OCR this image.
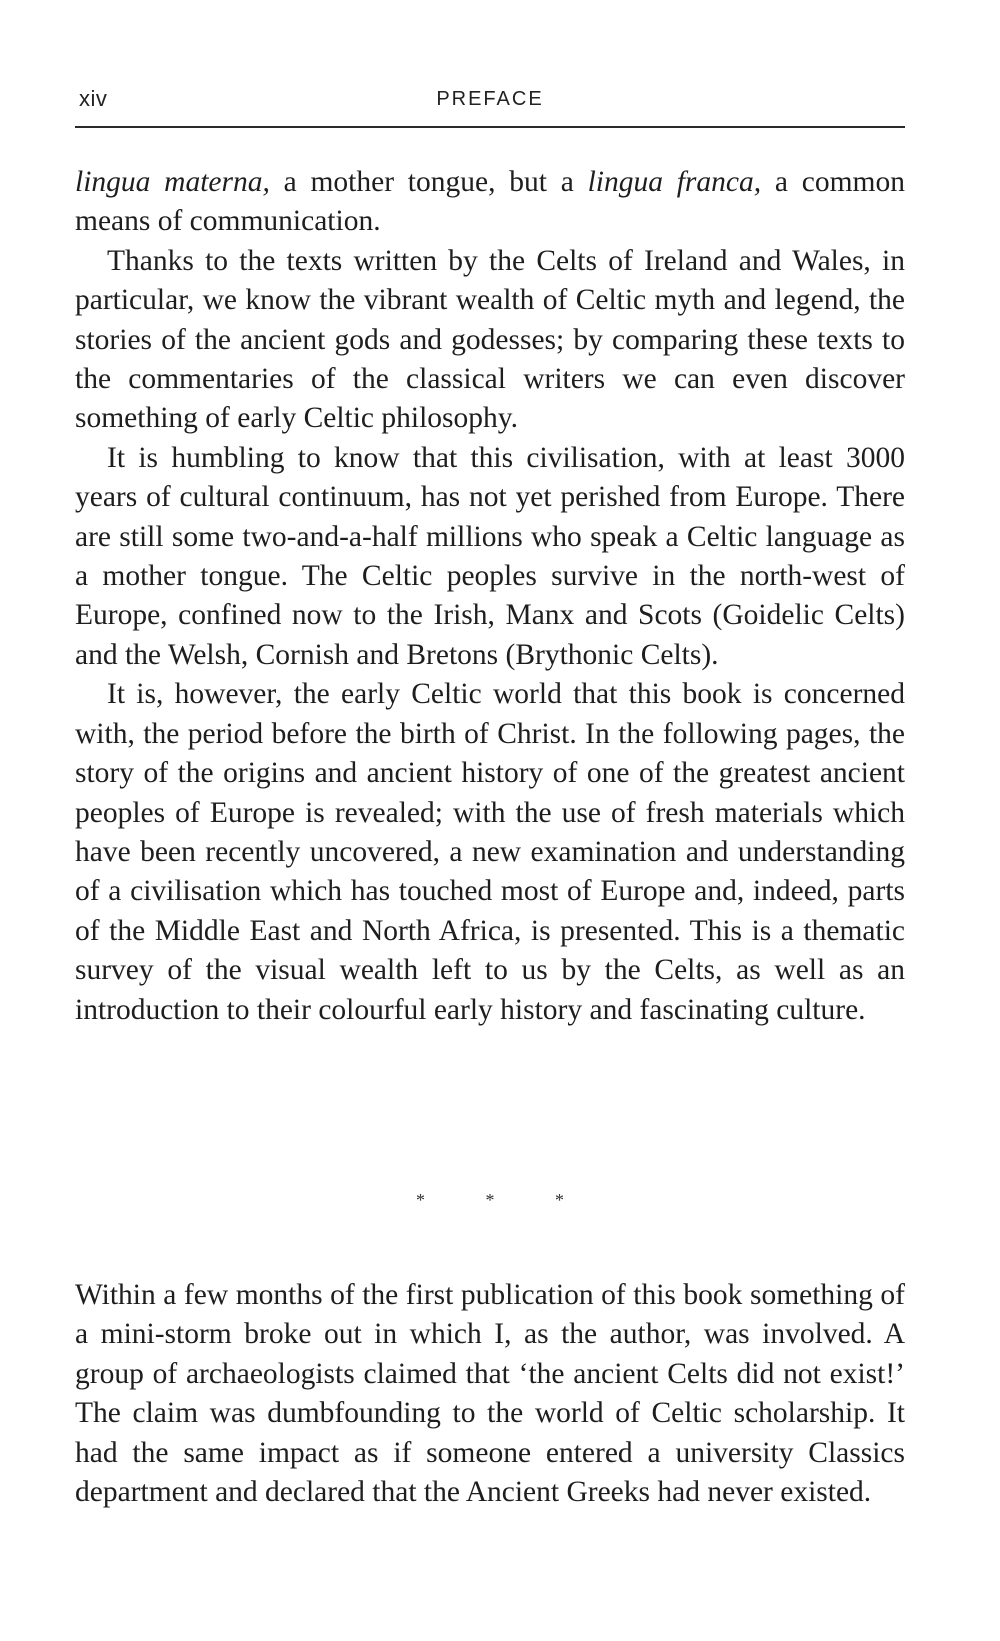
xiv	PREFACE

lingua materna, a mother tongue, but a lingua franca, a common means of communication.

Thanks to the texts written by the Celts of Ireland and Wales, in particular, we know the vibrant wealth of Celtic myth and legend, the stories of the ancient gods and godesses; by comparing these texts to the commentaries of the classical writers we can even discover something of early Celtic philosophy.

It is humbling to know that this civilisation, with at least 3000 years of cultural continuum, has not yet perished from Europe. There are still some two-and-a-half millions who speak a Celtic language as a mother tongue. The Celtic peoples survive in the north-west of Europe, confined now to the Irish, Manx and Scots (Goidelic Celts) and the Welsh, Cornish and Bretons (Brythonic Celts).

It is, however, the early Celtic world that this book is concerned with, the period before the birth of Christ. In the following pages, the story of the origins and ancient history of one of the greatest ancient peoples of Europe is revealed; with the use of fresh materials which have been recently uncovered, a new examination and understanding of a civilisation which has touched most of Europe and, indeed, parts of the Middle East and North Africa, is presented. This is a thematic survey of the visual wealth left to us by the Celts, as well as an introduction to their colourful early history and fascinating culture.

*	*	*

Within a few months of the first publication of this book something of a mini-storm broke out in which I, as the author, was involved. A group of archaeologists claimed that ‘the ancient Celts did not exist!’ The claim was dumbfounding to the world of Celtic scholarship. It had the same impact as if someone entered a university Classics department and declared that the Ancient Greeks had never existed.
